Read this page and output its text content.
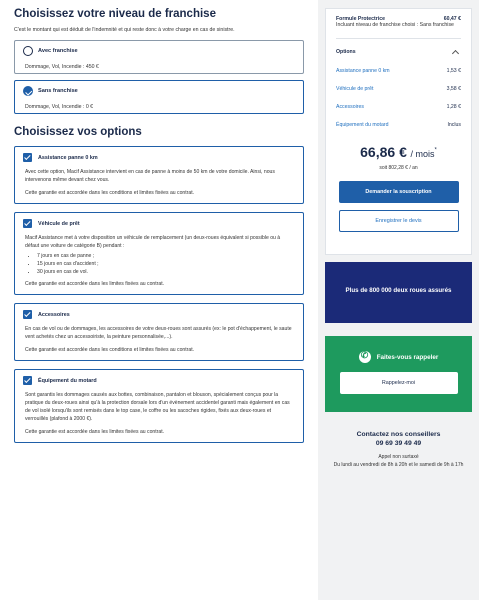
Choisissez votre niveau de franchise

C'est le montant qui est déduit de l'indemnité et qui reste donc à votre charge en cas de sinistre.

Avec franchise
Dommage, Vol, Incendie : 450 €
Sans franchise
Dommage, Vol, Incendie : 0 €
Choisissez vos options
Assistance panne 0 km

Avec cette option, Macif Assistance intervient en cas de panne à moins de 50 km de votre domicile. Ainsi, nous intervenons même devant chez vous.

Cette garantie est accordée dans les conditions et limites fixées au contrat.

Véhicule de prêt

Macif Assistance met à votre disposition un véhicule de remplacement (un deux-roues équivalent si possible ou à défaut une voiture de catégorie B) pendant :

• 7 jours en cas de panne ;
• 15 jours en cas d'accident ;
• 30 jours en cas de vol.

Cette garantie est accordée dans les limites fixées au contrat.

Accessoires

En cas de vol ou de dommages, les accessoires de votre deux-roues sont assurés (ex: le pot d'échappement, le saute vent achetés chez un accessoiriste, la peinture personnalisée,...).

Cette garantie est accordée dans les conditions et limites fixées au contrat.

Équipement du motard

Sont garantis les dommages causés aux bottes, combinaison, pantalon et blouson, spécialement conçus pour la pratique du deux-roues ainsi qu'à la protection dorsale lors d'un évènement accidentel garanti mais également en cas de vol isolé lorsqu'ils sont remisés dans le top case, le coffre ou les sacoches rigides, fixés aux deux-roues et verrouillés (plafond à 2000 €).

Cette garantie est accordée dans les limites fixées au contrat.

Formule Protectrice	60,47 €
Incluant niveau de franchise choisi : Sans franchise
Options
Assistance panne 0 km	1,53 €
Véhicule de prêt	3,58 €
Accessoires	1,28 €
Équipement du motard	Inclus
66,86 € / mois*
soit 802,28 € / an
Demander la souscription
Enregistrer le devis
Plus de 800 000 deux roues assurés
✆
Faites-vous rappeler
Rappelez-moi
Contactez nos conseillers
09 69 39 49 49
Appel non surtaxé
Du lundi au vendredi de 8h à 20h et le samedi de 9h à 17h
